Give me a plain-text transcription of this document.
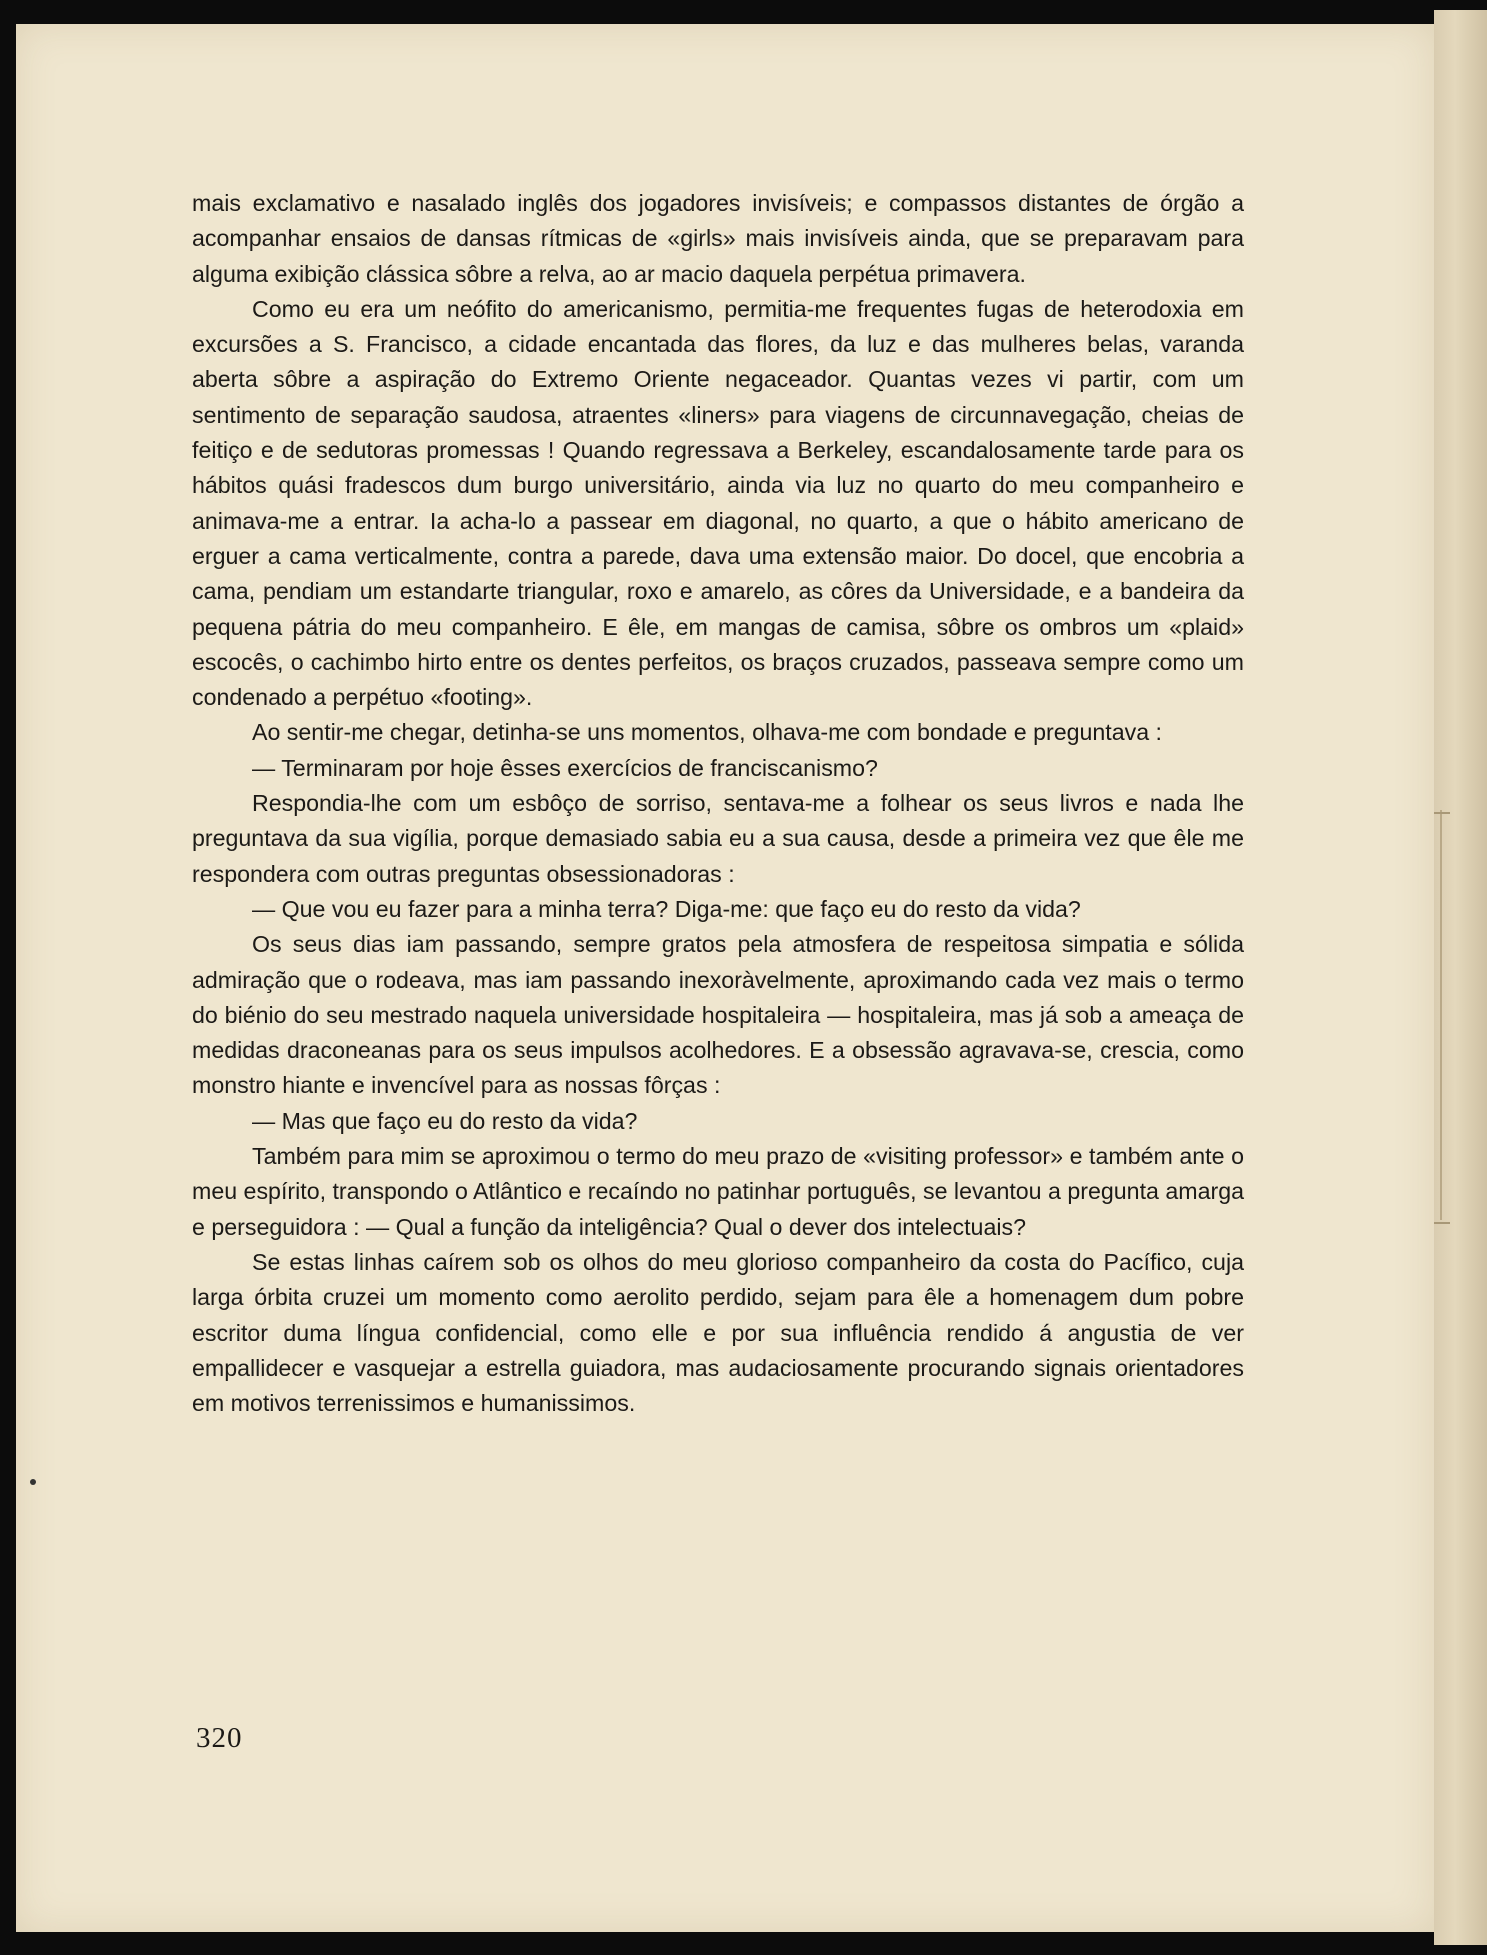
mais exclamativo e nasalado inglês dos jogadores invisíveis; e compassos distantes de órgão a acompanhar ensaios de dansas rítmicas de «girls» mais invisíveis ainda, que se preparavam para alguma exibição clássica sôbre a relva, ao ar macio daquela perpétua primavera.

Como eu era um neófito do americanismo, permitia-me frequentes fugas de heterodoxia em excursões a S. Francisco, a cidade encantada das flores, da luz e das mulheres belas, varanda aberta sôbre a aspiração do Extremo Oriente negaceador. Quantas vezes vi partir, com um sentimento de separação saudosa, atraentes «liners» para viagens de circunnavegação, cheias de feitiço e de sedutoras promessas ! Quando regressava a Berkeley, escandalosamente tarde para os hábitos quási fradescos dum burgo universitário, ainda via luz no quarto do meu companheiro e animava-me a entrar. Ia acha-lo a passear em diagonal, no quarto, a que o hábito americano de erguer a cama verticalmente, contra a parede, dava uma extensão maior. Do docel, que encobria a cama, pendiam um estandarte triangular, roxo e amarelo, as côres da Universidade, e a bandeira da pequena pátria do meu companheiro. E êle, em mangas de camisa, sôbre os ombros um «plaid» escocês, o cachimbo hirto entre os dentes perfeitos, os braços cruzados, passeava sempre como um condenado a perpétuo «footing».

Ao sentir-me chegar, detinha-se uns momentos, olhava-me com bondade e preguntava :

— Terminaram por hoje êsses exercícios de franciscanismo?

Respondia-lhe com um esbôço de sorriso, sentava-me a folhear os seus livros e nada lhe preguntava da sua vigília, porque demasiado sabia eu a sua causa, desde a primeira vez que êle me respondera com outras preguntas obsessionadoras :

— Que vou eu fazer para a minha terra? Diga-me: que faço eu do resto da vida?

Os seus dias iam passando, sempre gratos pela atmosfera de respeitosa simpatia e sólida admiração que o rodeava, mas iam passando inexoràvelmente, aproximando cada vez mais o termo do biénio do seu mestrado naquela universidade hospitaleira — hospitaleira, mas já sob a ameaça de medidas draconeanas para os seus impulsos acolhedores. E a obsessão agravava-se, crescia, como monstro hiante e invencível para as nossas fôrças :

— Mas que faço eu do resto da vida?

Também para mim se aproximou o termo do meu prazo de «visiting professor» e também ante o meu espírito, transpondo o Atlântico e recaíndo no patinhar português, se levantou a pregunta amarga e perseguidora : — Qual a função da inteligência? Qual o dever dos intelectuais?

Se estas linhas caírem sob os olhos do meu glorioso companheiro da costa do Pacífico, cuja larga órbita cruzei um momento como aerolito perdido, sejam para êle a homenagem dum pobre escritor duma língua confidencial, como elle e por sua influência rendido á angustia de ver empallidecer e vasquejar a estrella guiadora, mas audaciosamente procurando signais orientadores em motivos terrenissimos e humanissimos.

320
